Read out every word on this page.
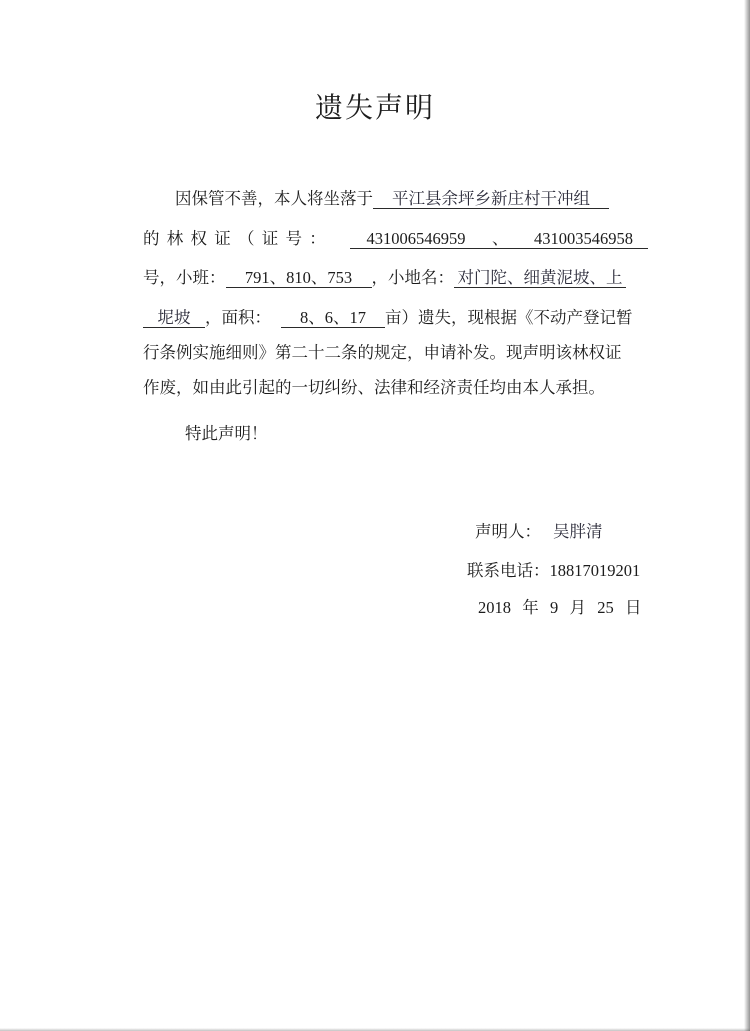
遗失声明
因保管不善，本人将坐落于 平江县余坪乡新庄村干冲组
的 林 权 证 （ 证 号 ： 431006546959 、 431003546958
号，小班： 791、810、753 ，小地名： 对门陀、细黄泥坡、上
坭坡 ，面积： 8、6、17 亩）遗失，现根据《不动产登记暂
行条例实施细则》第二十二条的规定，申请补发。现声明该林权证
作废，如由此引起的一切纠纷、法律和经济责任均由本人承担。
特此声明！
声明人： 吴胖清
联系电话：18817019201
2018 年 9 月 25 日
